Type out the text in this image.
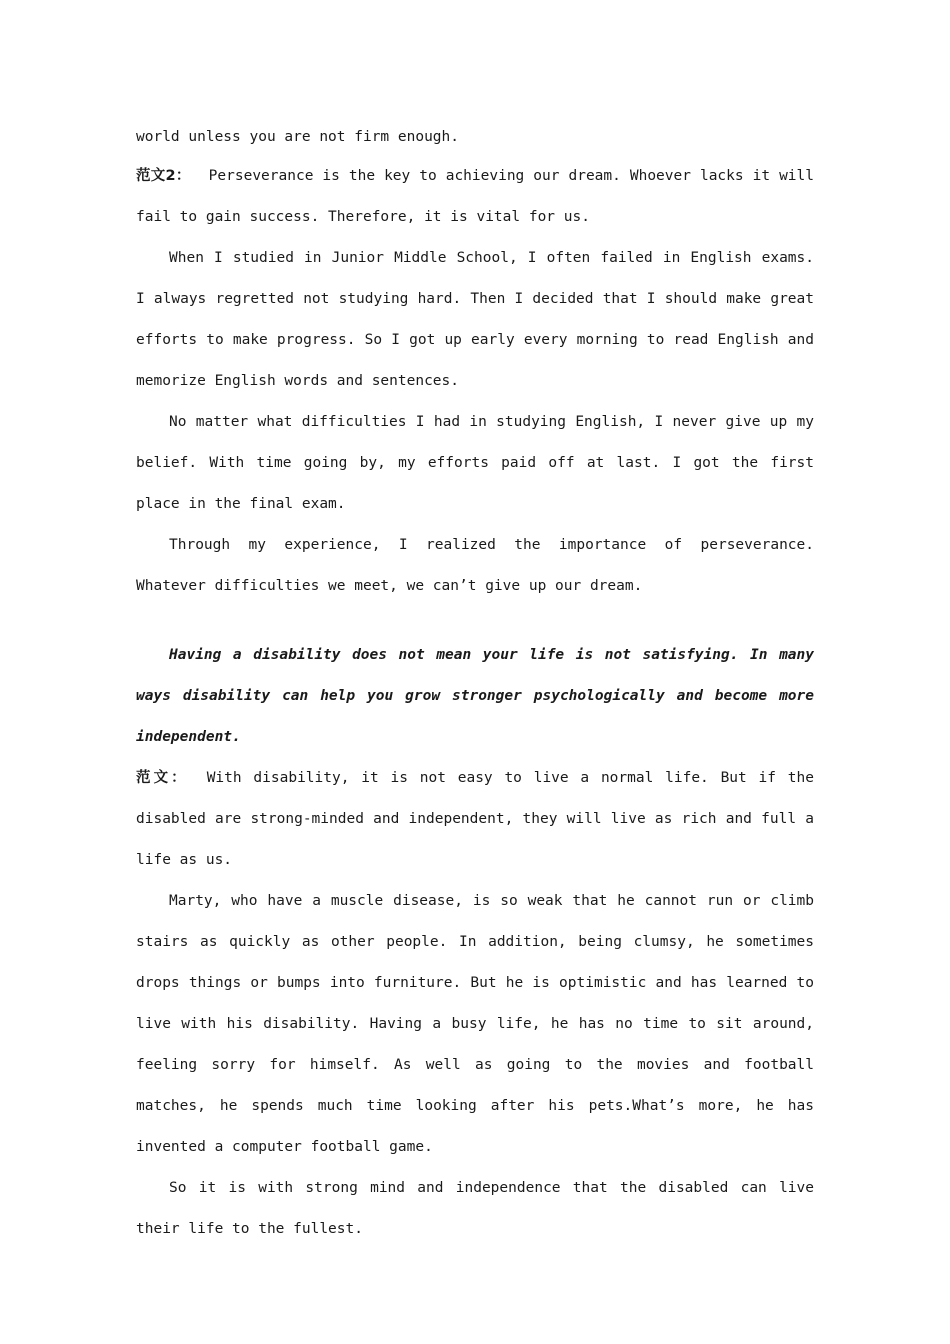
world unless you are not firm enough.

范文2： Perseverance is the key to achieving our dream. Whoever lacks it will fail to gain success. Therefore, it is vital for us.

When I studied in Junior Middle School, I often failed in English exams. I always regretted not studying hard. Then I decided that I should make great efforts to make progress. So I got up early every morning to read English and memorize English words and sentences.

No matter what difficulties I had in studying English, I never give up my belief. With time going by, my efforts paid off at last. I got the first place in the final exam.

Through my experience, I realized the importance of perseverance. Whatever difficulties we meet, we can’t give up our dream.

Having a disability does not mean your life is not satisfying. In many ways disability can help you grow stronger psychologically and become more independent.

范文： With disability, it is not easy to live a normal life. But if the disabled are strong-minded and independent, they will live as rich and full a life as us.

Marty, who have a muscle disease, is so weak that he cannot run or climb stairs as quickly as other people. In addition, being clumsy, he sometimes drops things or bumps into furniture. But he is optimistic and has learned to live with his disability. Having a busy life, he has no time to sit around, feeling sorry for himself. As well as going to the movies and football matches, he spends much time looking after his pets.What’s more, he has invented a computer football game.

So it is with strong mind and independence that the disabled can live their life to the fullest.
